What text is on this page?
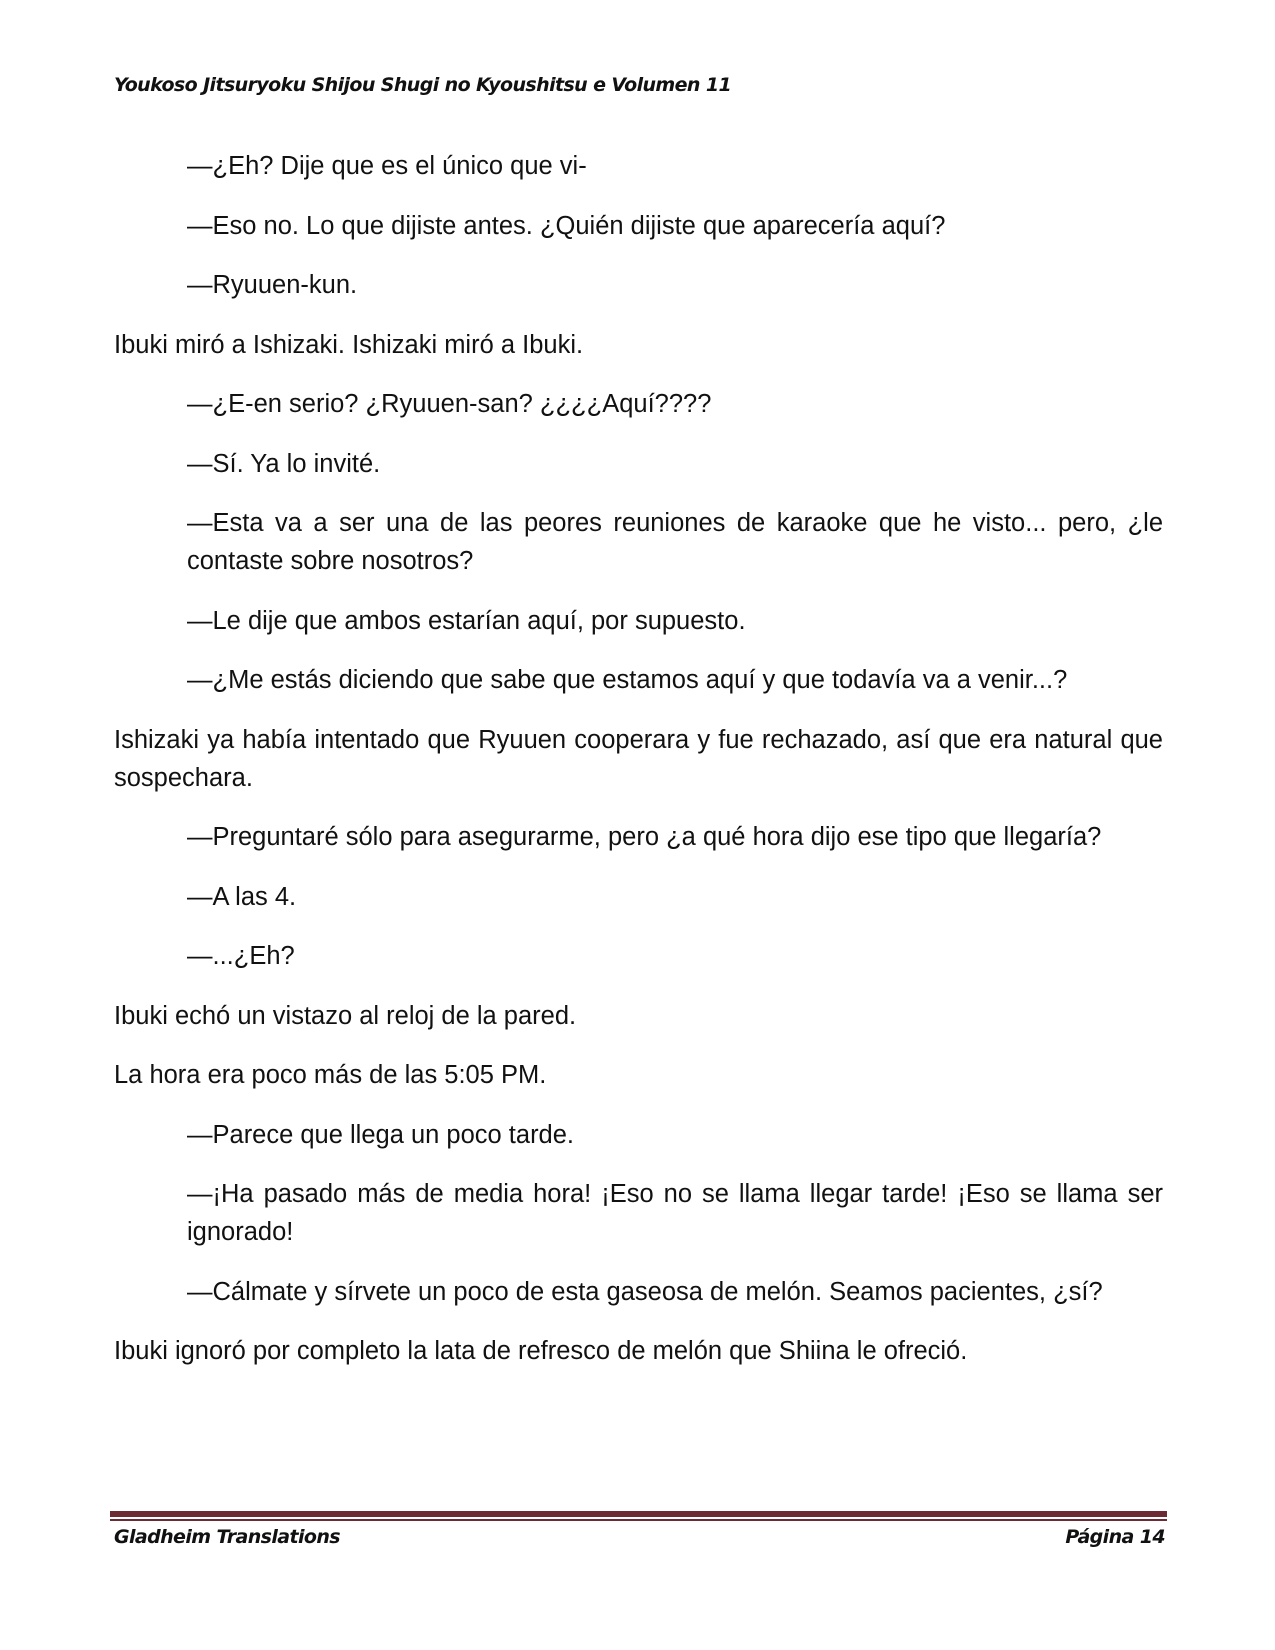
Youkoso Jitsuryoku Shijou Shugi no Kyoushitsu e Volumen 11

—¿Eh? Dije que es el único que vi-

—Eso no. Lo que dijiste antes. ¿Quién dijiste que aparecería aquí?

—Ryuuen-kun.

Ibuki miró a Ishizaki. Ishizaki miró a Ibuki.

—¿E-en serio? ¿Ryuuen-san? ¿¿¿¿Aquí????

—Sí. Ya lo invité.

—Esta va a ser una de las peores reuniones de karaoke que he visto... pero, ¿le contaste sobre nosotros?

—Le dije que ambos estarían aquí, por supuesto.

—¿Me estás diciendo que sabe que estamos aquí y que todavía va a venir...?

Ishizaki ya había intentado que Ryuuen cooperara y fue rechazado, así que era natural que sospechara.

—Preguntaré sólo para asegurarme, pero ¿a qué hora dijo ese tipo que llegaría?

—A las 4.

—...¿Eh?

Ibuki echó un vistazo al reloj de la pared.

La hora era poco más de las 5:05 PM.

—Parece que llega un poco tarde.

—¡Ha pasado más de media hora! ¡Eso no se llama llegar tarde! ¡Eso se llama ser ignorado!

—Cálmate y sírvete un poco de esta gaseosa de melón. Seamos pacientes, ¿sí?

Ibuki ignoró por completo la lata de refresco de melón que Shiina le ofreció.

Gladheim Translations	Página 14
